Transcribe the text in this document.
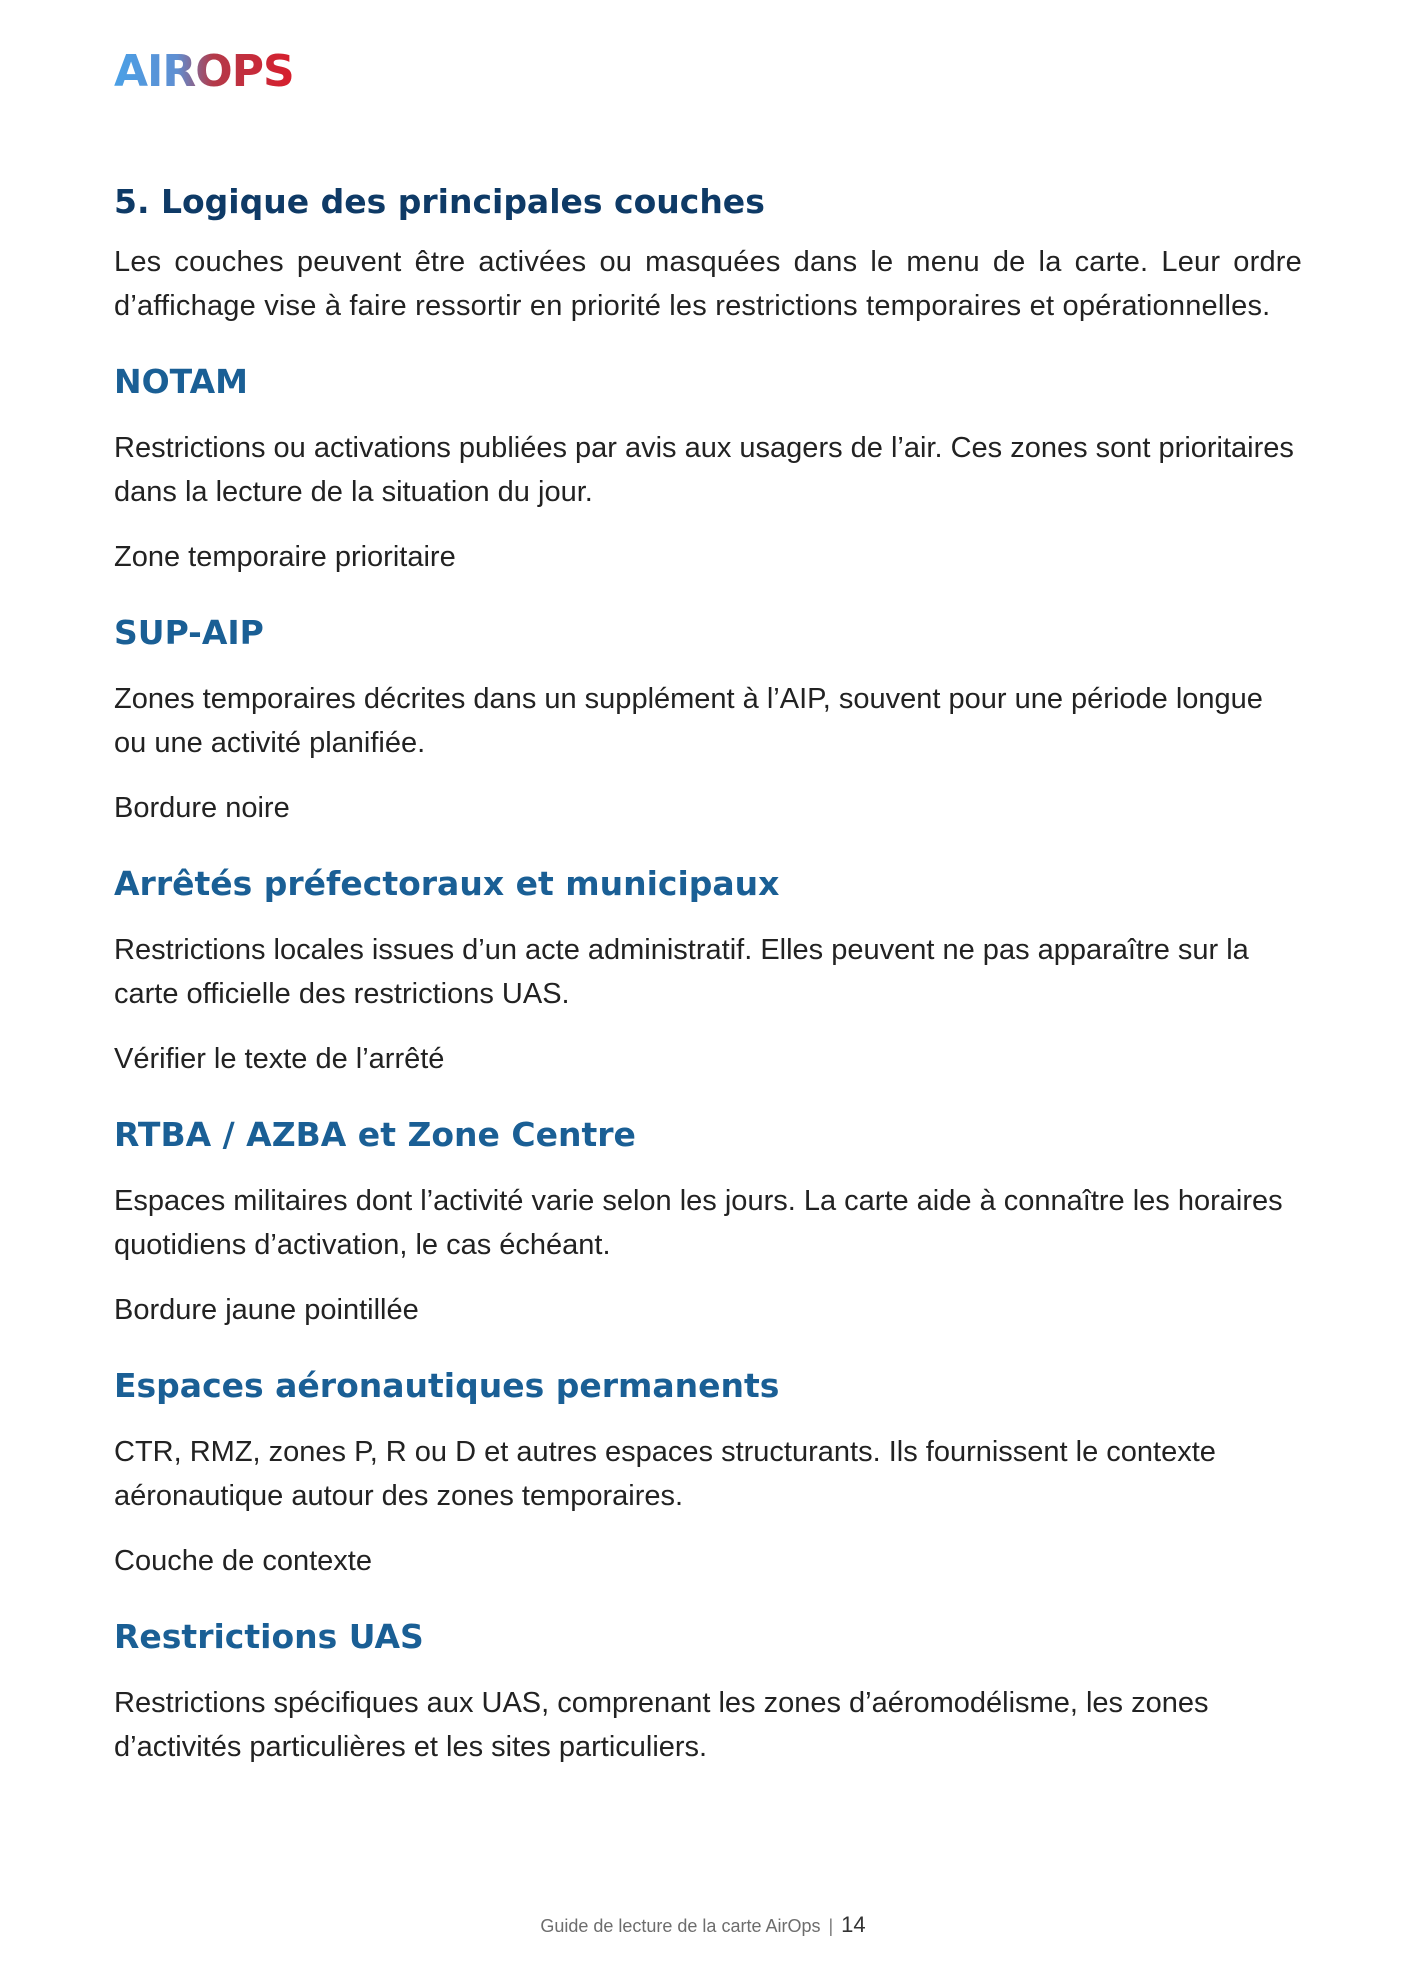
AIROPS
5. Logique des principales couches

Les couches peuvent être activées ou masquées dans le menu de la carte. Leur ordre d’affichage vise à faire ressortir en priorité les restrictions temporaires et opérationnelles.

NOTAM

Restrictions ou activations publiées par avis aux usagers de l’air. Ces zones sont prioritaires dans la lecture de la situation du jour.

Zone temporaire prioritaire

SUP-AIP

Zones temporaires décrites dans un supplément à l’AIP, souvent pour une période longue ou une activité planifiée.

Bordure noire

Arrêtés préfectoraux et municipaux

Restrictions locales issues d’un acte administratif. Elles peuvent ne pas apparaître sur la carte officielle des restrictions UAS.

Vérifier le texte de l’arrêté

RTBA / AZBA et Zone Centre

Espaces militaires dont l’activité varie selon les jours. La carte aide à connaître les horaires quotidiens d’activation, le cas échéant.

Bordure jaune pointillée

Espaces aéronautiques permanents

CTR, RMZ, zones P, R ou D et autres espaces structurants. Ils fournissent le contexte aéronautique autour des zones temporaires.

Couche de contexte

Restrictions UAS

Restrictions spécifiques aux UAS, comprenant les zones d’aéromodélisme, les zones d’activités particulières et les sites particuliers.

Guide de lecture de la carte AirOps | 14
